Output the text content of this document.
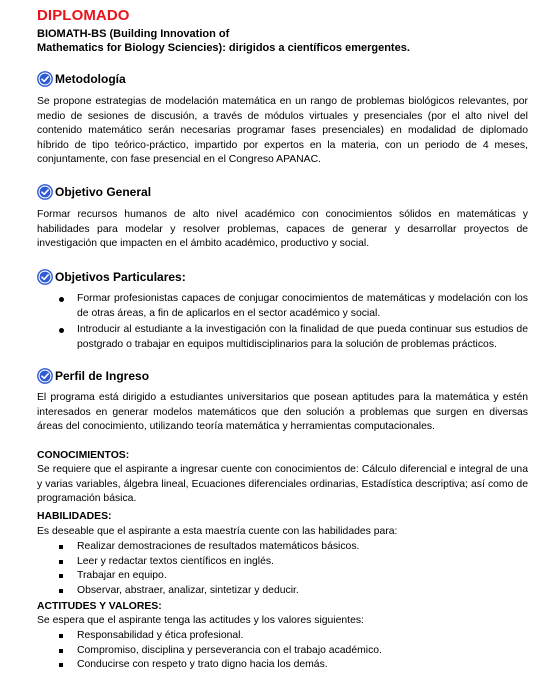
DIPLOMADO
BIOMATH-BS (Building Innovation of
Mathematics for Biology Sciencies): dirigidos a científicos emergentes.
Metodología
Se propone estrategias de modelación matemática en un rango de problemas biológicos relevantes, por medio de sesiones de discusión, a través de módulos virtuales y presenciales (por el alto nivel del contenido matemático serán necesarias programar fases presenciales) en modalidad de diplomado híbrido de tipo teórico-práctico, impartido por expertos en la materia, con un periodo de 4 meses, conjuntamente, con fase presencial en el Congreso APANAC.
Objetivo General
Formar recursos humanos de alto nivel académico con conocimientos sólidos en matemáticas y habilidades para modelar y resolver problemas, capaces de generar y desarrollar proyectos de investigación que impacten en el ámbito académico, productivo y social.
Objetivos Particulares:
Formar profesionistas capaces de conjugar conocimientos de matemáticas y modelación con los de otras áreas, a fin de aplicarlos en el sector académico y social.
Introducir al estudiante a la investigación con la finalidad de que pueda continuar sus estudios de postgrado o trabajar en equipos multidisciplinarios para la solución de problemas prácticos.
Perfil de Ingreso
El programa está dirigido a estudiantes universitarios que posean aptitudes para la matemática y estén interesados en generar modelos matemáticos que den solución a problemas que surgen en diversas áreas del conocimiento, utilizando teoría matemática y herramientas computacionales.
CONOCIMIENTOS:
Se requiere que el aspirante a ingresar cuente con conocimientos de: Cálculo diferencial e integral de una y varias variables, álgebra lineal, Ecuaciones diferenciales ordinarias, Estadística descriptiva; así como de programación básica.
HABILIDADES:
Es deseable que el aspirante a esta maestría cuente con las habilidades para:
Realizar demostraciones de resultados matemáticos básicos.
Leer y redactar textos científicos en inglés.
Trabajar en equipo.
Observar, abstraer, analizar, sintetizar y deducir.
ACTITUDES Y VALORES:
Se espera que el aspirante tenga las actitudes y los valores siguientes:
Responsabilidad y ética profesional.
Compromiso, disciplina y perseverancia con el trabajo académico.
Conducirse con respeto y trato digno hacia los demás.
